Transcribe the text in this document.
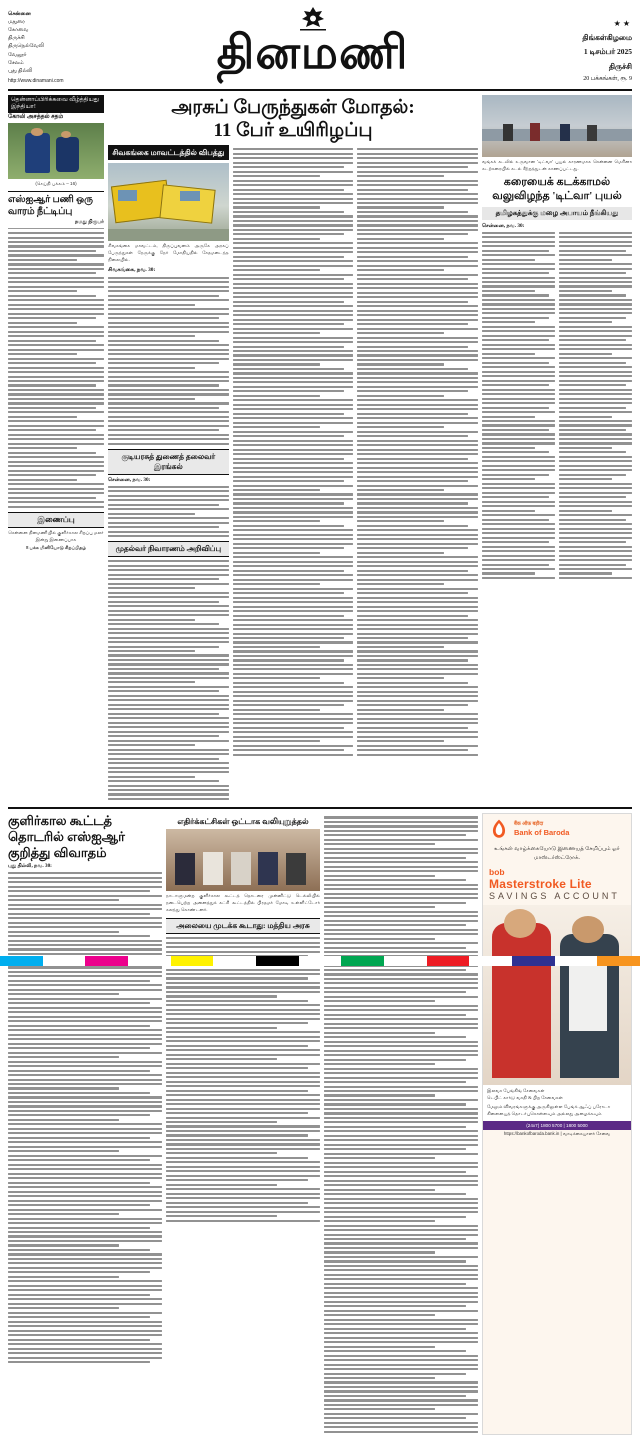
சென்னை
மதுரை
கோவை
திருச்சி
திருநெல்வேலி
வேலூர்
சேலம்
புது தில்லி
http://www.dinamani.com
தினமணி
★★
திங்கள்கிழமை
1 டிசம்பர் 2025
திருச்சி
20 பக்கங்கள், ரூ. 9
தென்னாப்பிரிக்கவை வீழ்த்தியது இந்தியா!
கோலி அசத்தல் சதம்
(செய்தி பக்கம் – 16)
எஸ்ஐஆர் பணி ஒரு வாரம் நீட்டிப்பு
நமது நிருபர்
இணைப்பு
சென்னை தினமணியில் குளிர்கால சிறப்பு மலர் இன்று இணைப்பாக
8 பக்க மினியோடு சிறப்பிதழ்
அரசுப் பேருந்துகள் மோதல்:
11 பேர் உயிரிழப்பு
சிவகங்கை மாவட்டத்தில் விபத்து
சிவகங்கை மாவட்டம், திருப்புவனம் அருகே அரசுப் பேருந்துகள் நேருக்கு நேர் மோதியதில் சேதமடைந்த நிலையில்.
சிவகங்கை, நவ. 30:
குடியரசுத் துணைத் தலைவர் இரங்கல்
சென்னை, நவ. 30:
முதல்வர் நிவாரணம் அறிவிப்பு
வங்கக் கடலில் உருவான 'டிட்வா' புயல் காரணமாக சென்னை மெரினா கடற்கரையில் கடல் சீற்றத்துடன் காணப்பட்டது.
கரையைக் கடக்காமல்
வலுவிழந்த 'டிட்வா' புயல்
தமிழகத்துக்கு மழை அபாயம் நீங்கியது
சென்னை, நவ. 30:
குளிர்கால கூட்டத் தொடரில் எஸ்ஐஆர் குறித்து விவாதம்
புது தில்லி, நவ. 30:
எதிர்க்கட்சிகள் ஒட்டாக வலியுறுத்தல்
நாடாளுமன்ற குளிர்கால கூட்டத் தொடரை முன்னிட்டு டெல்லியில் நடைபெற்ற அனைத்துக் கட்சி கூட்டத்தில் பிரதமர் மோடி உள்ளிட்டோர் கலந்து கொண்டனர்.
அலையை முடக்க கூடாது: மத்திய அரசு
बैंक ऑफ़ बड़ौदा
Bank of Baroda
உங்கள் வாழ்க்கையோடு இணையத் சேமிப்பும் ஓர் மாஸ்டர்ஸ்ட்ரோக்.
bob
Masterstroke Lite
SAVINGS ACCOUNT
இலவச பேங்கிங் சேவைகள்
டெபிட் கார்டு வசதி & பிற சேவைகள்
மேலும் விவரங்களுக்கு அருகிலுள்ள பேங்க் ஆஃப் பரோடா கிளையைத் தொடர்புகொள்ளவும் அல்லது அழைக்கவும்
(24x7) 1800 5700 | 1800 5000
https://bankofbaroda.bank.in | வாடிக்கையாளர் சேவை
